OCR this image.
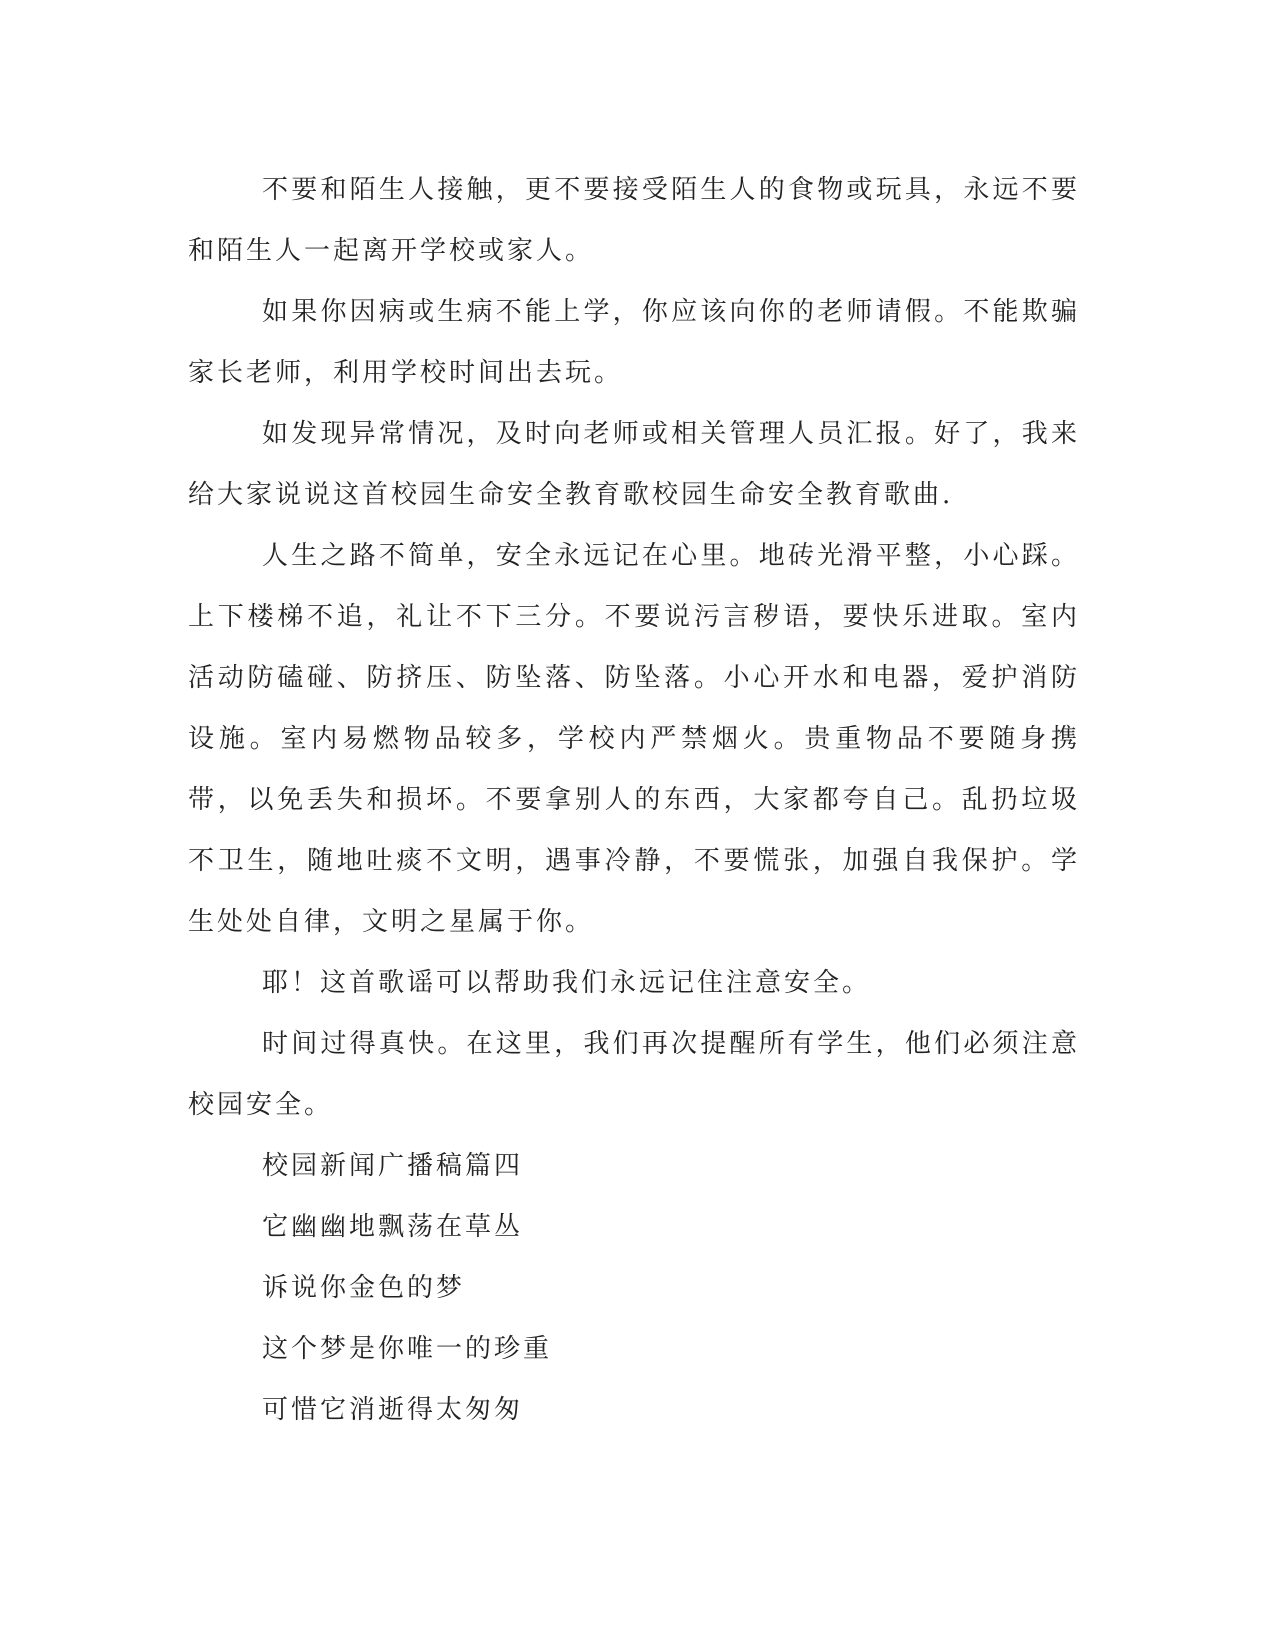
不要和陌生人接触，更不要接受陌生人的食物或玩具，永远不要和陌生人一起离开学校或家人。

如果你因病或生病不能上学，你应该向你的老师请假。不能欺骗家长老师，利用学校时间出去玩。

如发现异常情况，及时向老师或相关管理人员汇报。好了，我来给大家说说这首校园生命安全教育歌校园生命安全教育歌曲.

人生之路不简单，安全永远记在心里。地砖光滑平整，小心踩。上下楼梯不追，礼让不下三分。不要说污言秽语，要快乐进取。室内活动防磕碰、防挤压、防坠落、防坠落。小心开水和电器，爱护消防设施。室内易燃物品较多，学校内严禁烟火。贵重物品不要随身携带，以免丢失和损坏。不要拿别人的东西，大家都夸自己。乱扔垃圾不卫生，随地吐痰不文明，遇事冷静，不要慌张，加强自我保护。学生处处自律，文明之星属于你。

耶！这首歌谣可以帮助我们永远记住注意安全。

时间过得真快。在这里，我们再次提醒所有学生，他们必须注意校园安全。

校园新闻广播稿篇四

它幽幽地飘荡在草丛

诉说你金色的梦

这个梦是你唯一的珍重

可惜它消逝得太匆匆
